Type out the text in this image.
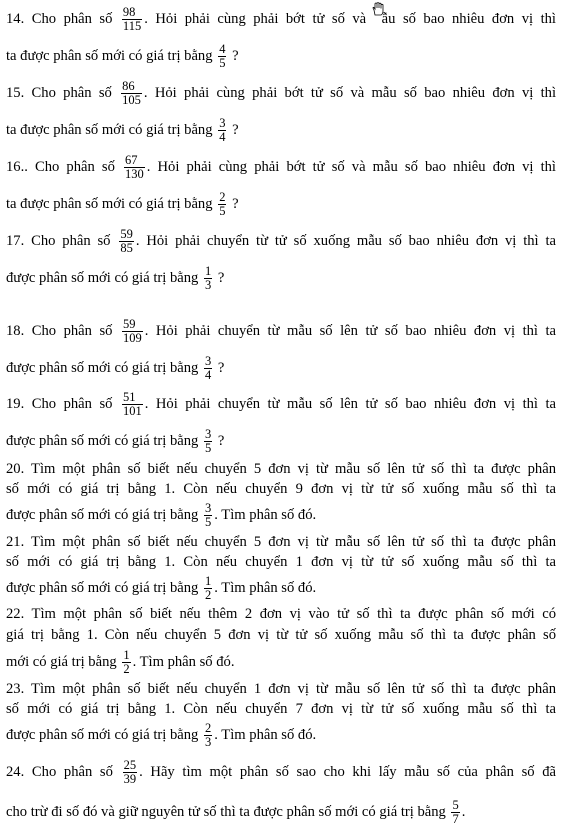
14. Cho phân số $\frac{98}{115}$ . Hỏi phải cùng phải bớt tử số và ẫu số bao nhiêu đơn vị thì
ta được phân số mới có giá trị bằng $\frac{4}{5}$ ?
15. Cho phân số $\frac{86}{105}$ . Hỏi phải cùng phải bớt tử số và mẫu số bao nhiêu đơn vị thì
ta được phân số mới có giá trị bằng $\frac{3}{4}$ ?
16.. Cho phân số $\frac{67}{130}$ . Hỏi phải cùng phải bớt tử số và mẫu số bao nhiêu đơn vị thì
ta được phân số mới có giá trị bằng $\frac{2}{5}$ ?
17. Cho phân số $\frac{59}{85}$ . Hỏi phải chuyển từ tử số xuống mẫu số bao nhiêu đơn vị thì ta
được phân số mới có giá trị bằng $\frac{1}{3}$ ?
18. Cho phân số $\frac{59}{109}$ . Hỏi phải chuyển từ mẫu số lên tử số bao nhiêu đơn vị thì ta
được phân số mới có giá trị bằng $\frac{3}{4}$ ?
19. Cho phân số $\frac{51}{101}$ . Hỏi phải chuyển từ mẫu số lên tử số bao nhiêu đơn vị thì ta
được phân số mới có giá trị bằng $\frac{3}{5}$ ?
20. Tìm một phân số biết nếu chuyển 5 đơn vị từ mẫu số lên tử số thì ta được phân
số mới có giá trị bằng 1. Còn nếu chuyển 9 đơn vị từ tử số xuống mẫu số thì ta
được phân số mới có giá trị bằng $\frac{3}{5}$ . Tìm phân số đó.
21. Tìm một phân số biết nếu chuyển 5 đơn vị từ mẫu số lên tử số thì ta được phân
số mới có giá trị bằng 1. Còn nếu chuyển 1 đơn vị từ tử số xuống mẫu số thì ta
được phân số mới có giá trị bằng $\frac{1}{2}$ . Tìm phân số đó.
22. Tìm một phân số biết nếu thêm 2 đơn vị vào tử số thì ta được phân số mới có
giá trị bằng 1. Còn nếu chuyển 5 đơn vị từ tử số xuống mẫu số thì ta được phân số
mới có giá trị bằng $\frac{1}{2}$ . Tìm phân số đó.
23. Tìm một phân số biết nếu chuyển 1 đơn vị từ mẫu số lên tử số thì ta được phân
số mới có giá trị bằng 1. Còn nếu chuyển 7 đơn vị từ tử số xuống mẫu số thì ta
được phân số mới có giá trị bằng $\frac{2}{3}$ . Tìm phân số đó.
24. Cho phân số $\frac{25}{39}$ . Hãy tìm một phân số sao cho khi lấy mẫu số của phân số đã
cho trừ đi số đó và giữ nguyên tử số thì ta được phân số mới có giá trị bằng $\frac{5}{7}$ .
